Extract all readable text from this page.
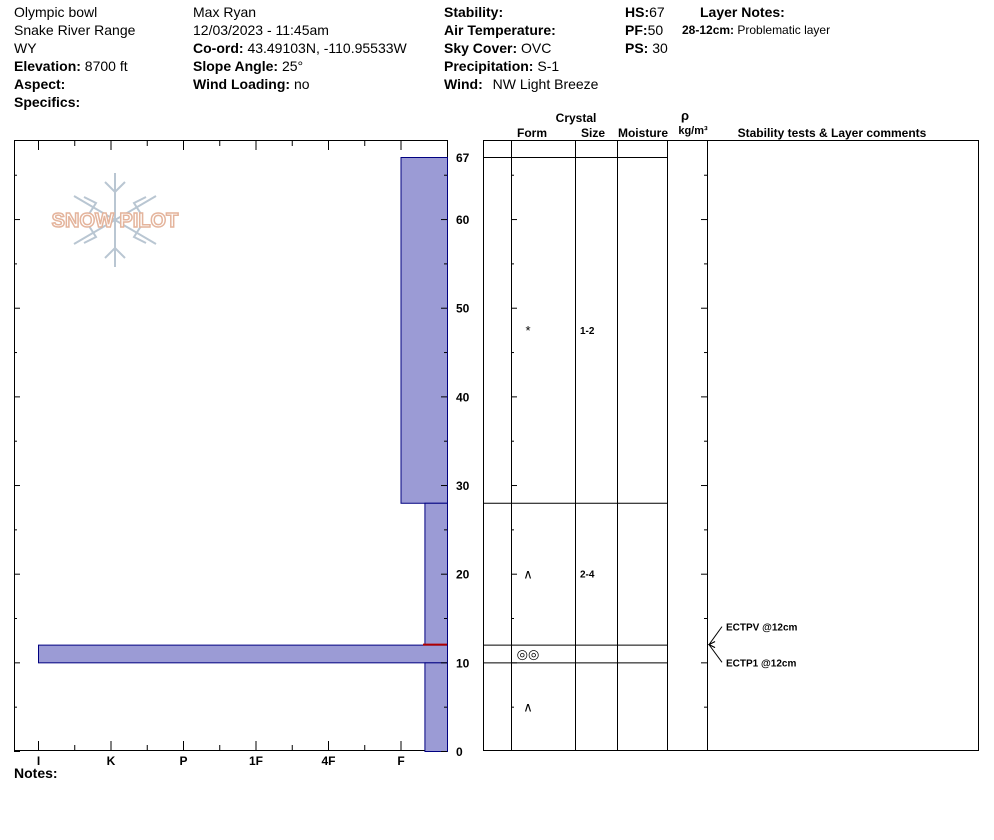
Olympic bowl
Snake River Range
WY
Elevation: 8700 ft
Aspect:
Specifics:
Max Ryan
12/03/2023 - 11:45am
Co-ord: 43.49103N, -110.95533W
Slope Angle: 25°
Wind Loading: no
Stability:
Air Temperature:
Sky Cover: OVC
Precipitation: S-1
Wind: NW Light Breeze
HS:67
PF:50
PS: 30
Layer Notes:
28-12cm: Problematic layer
SNOW PILOT
I	K	P	1F	4F	F
0
10
20
30
40
50
60
67
Crystal
Form	Size Moisture
ρ
kg/m³ Stability tests & Layer comments
*	1-2
∧	2-4
◎◎
∧
ECTPV @12cm
ECTP1 @12cm
Notes:
